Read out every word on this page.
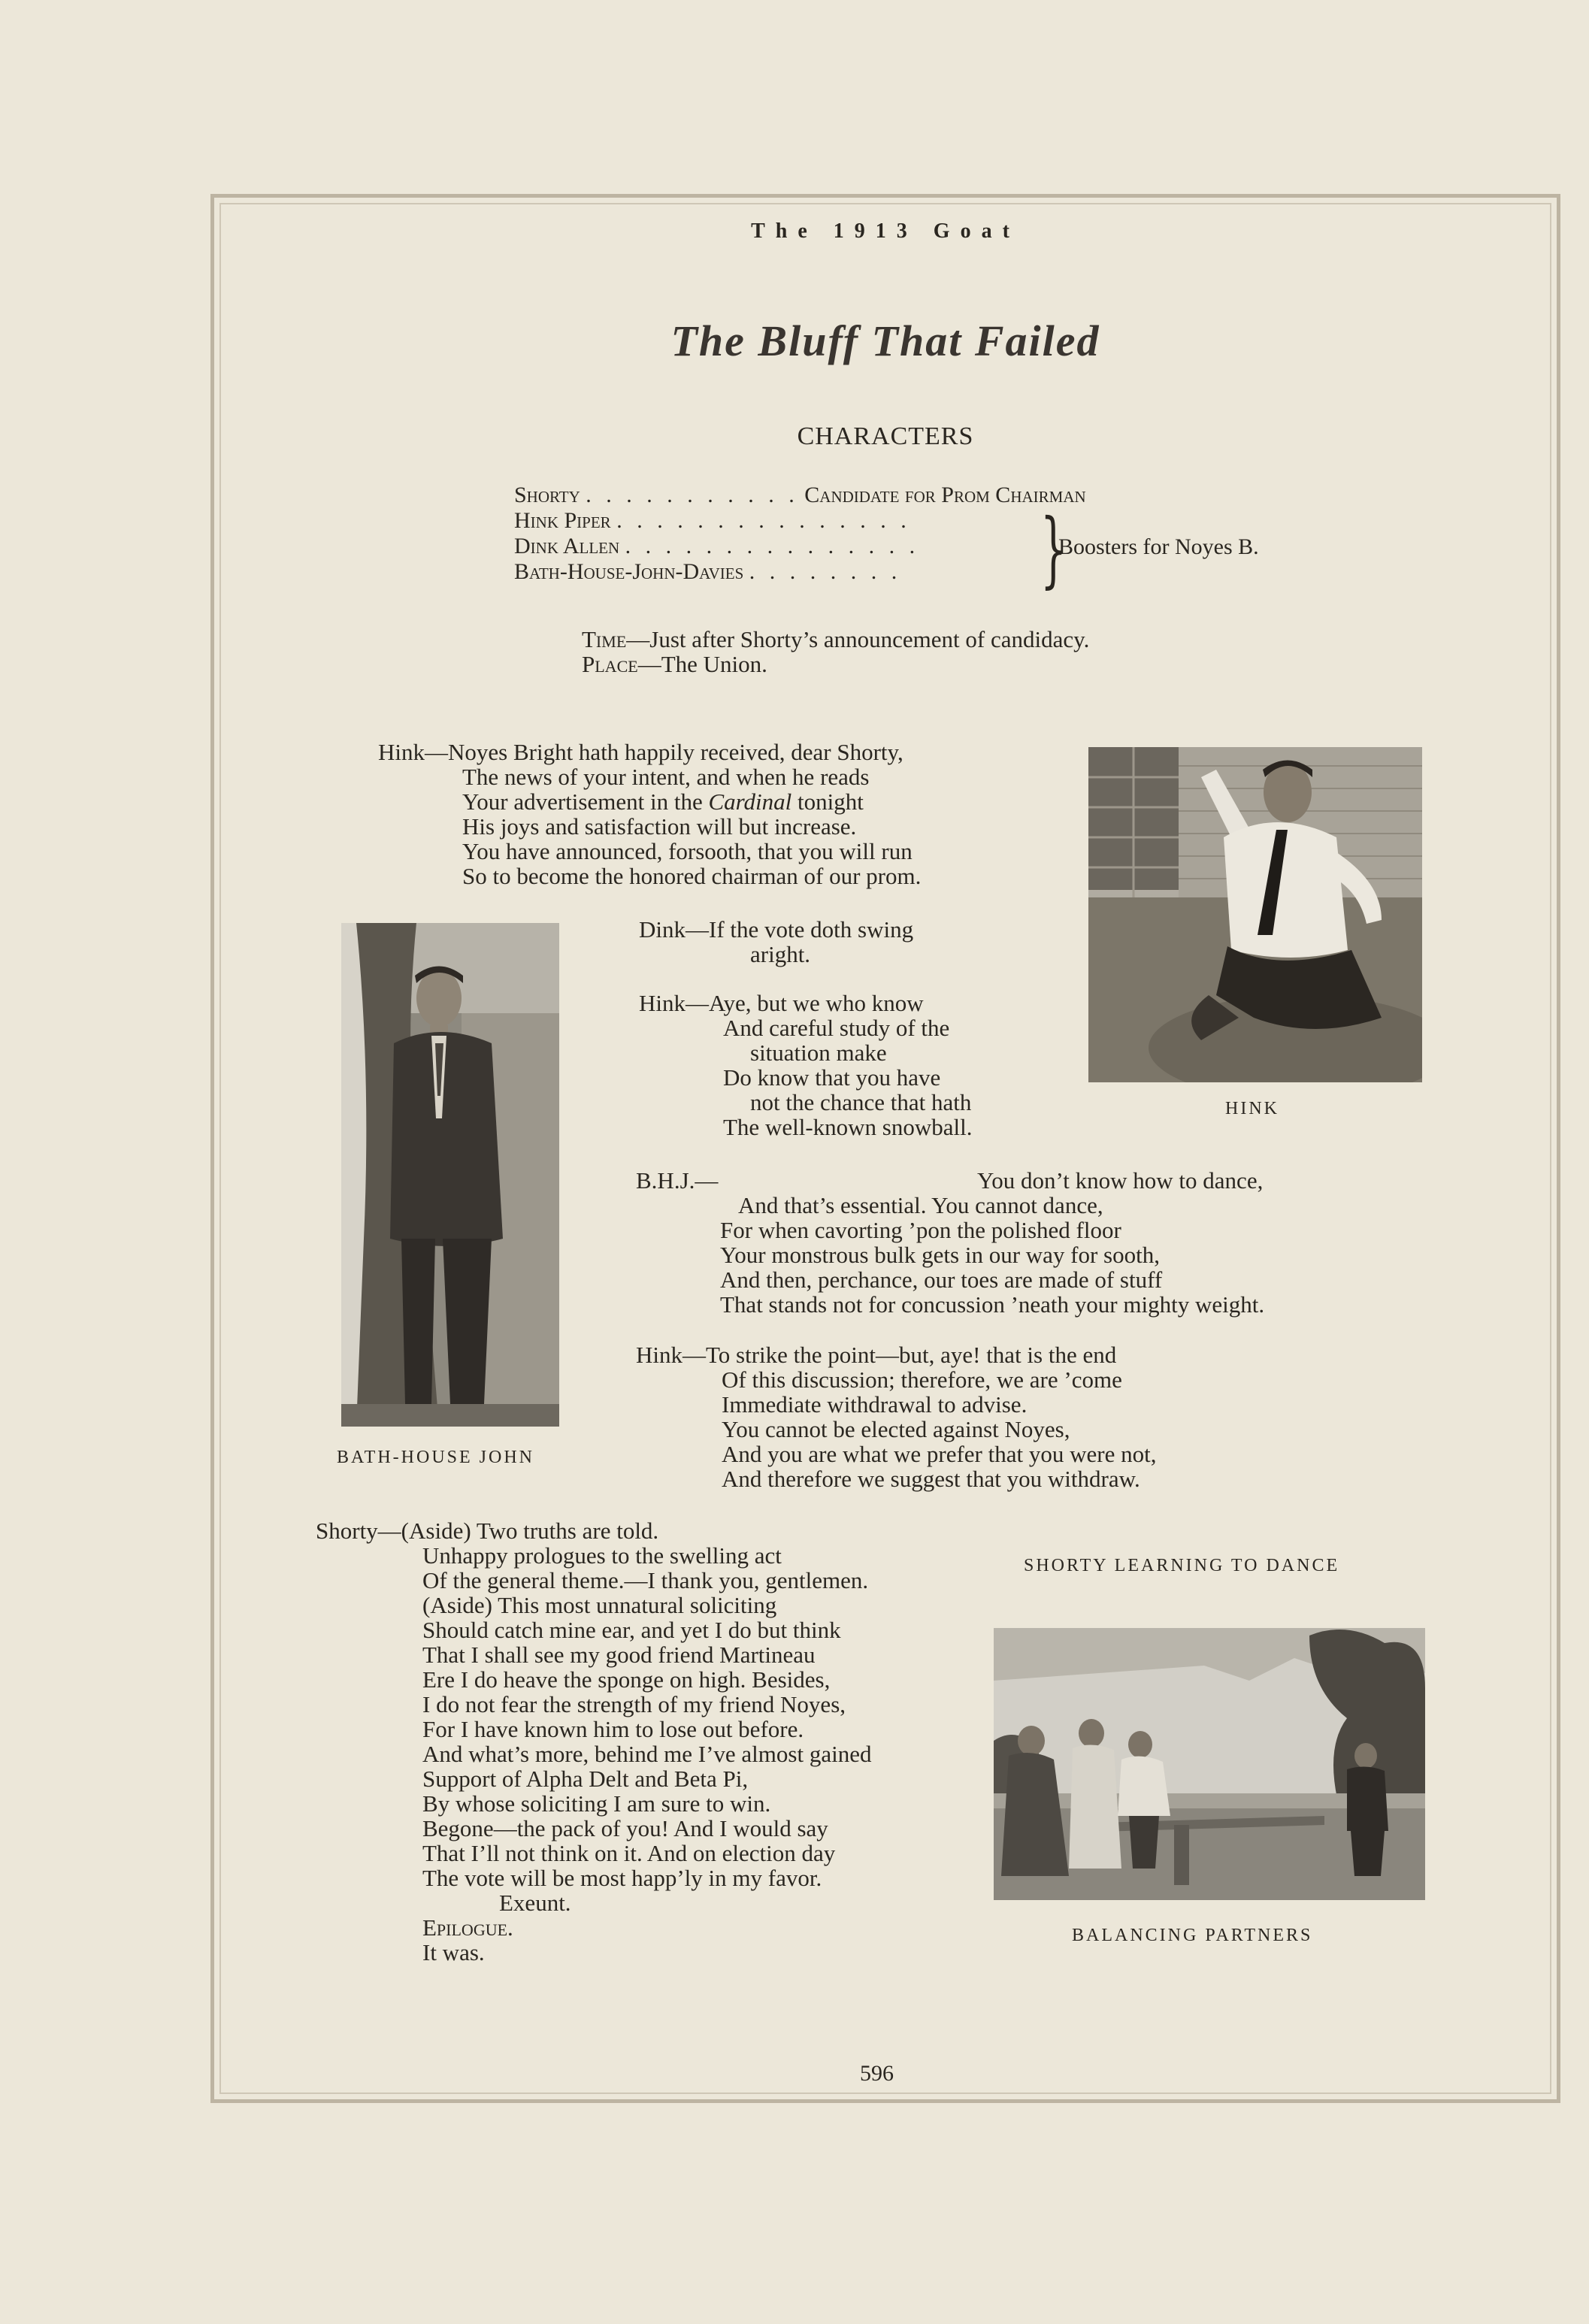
The 1913 Goat
The Bluff That Failed
CHARACTERS
Shorty . . . . . . . . . . . Candidate for Prom Chairman
Hink Piper . . . . . . . . . . . . . . .
Dink Allen . . . . . . . . . . . . . . .
Bath-House-John-Davies . . . . . . . . }
Boosters for Noyes B.
Time—Just after Shorty’s announcement of candidacy.
Place—The Union.
Hink—Noyes Bright hath happily received, dear Shorty,
The news of your intent, and when he reads
Your advertisement in the Cardinal tonight
His joys and satisfaction will but increase.
You have announced, forsooth, that you will run
So to become the honored chairman of our prom.
HINK
BATH-HOUSE JOHN
Dink—If the vote doth swing
aright.
Hink—Aye, but we who know
And careful study of the
situation make
Do know that you have
not the chance that hath
The well-known snowball.
B.H.J.—	You don’t know how to dance,
And that’s essential. You cannot dance,
For when cavorting ’pon the polished floor
Your monstrous bulk gets in our way for sooth,
And then, perchance, our toes are made of stuff
That stands not for concussion ’neath your mighty weight.
Hink—To strike the point—but, aye! that is the end
Of this discussion; therefore, we are ’come
Immediate withdrawal to advise.
You cannot be elected against Noyes,
And you are what we prefer that you were not,
And therefore we suggest that you withdraw.
Shorty—(Aside) Two truths are told.
Unhappy prologues to the swelling act
Of the general theme.—I thank you, gentlemen.
(Aside) This most unnatural soliciting
Should catch mine ear, and yet I do but think
That I shall see my good friend Martineau
Ere I do heave the sponge on high. Besides,
I do not fear the strength of my friend Noyes,
For I have known him to lose out before.
And what’s more, behind me I’ve almost gained
Support of Alpha Delt and Beta Pi,
By whose soliciting I am sure to win.
Begone—the pack of you! And I would say
That I’ll not think on it. And on election day
The vote will be most happ’ly in my favor.
Exeunt.
Epilogue.
It was.
SHORTY LEARNING TO DANCE
BALANCING PARTNERS
596
